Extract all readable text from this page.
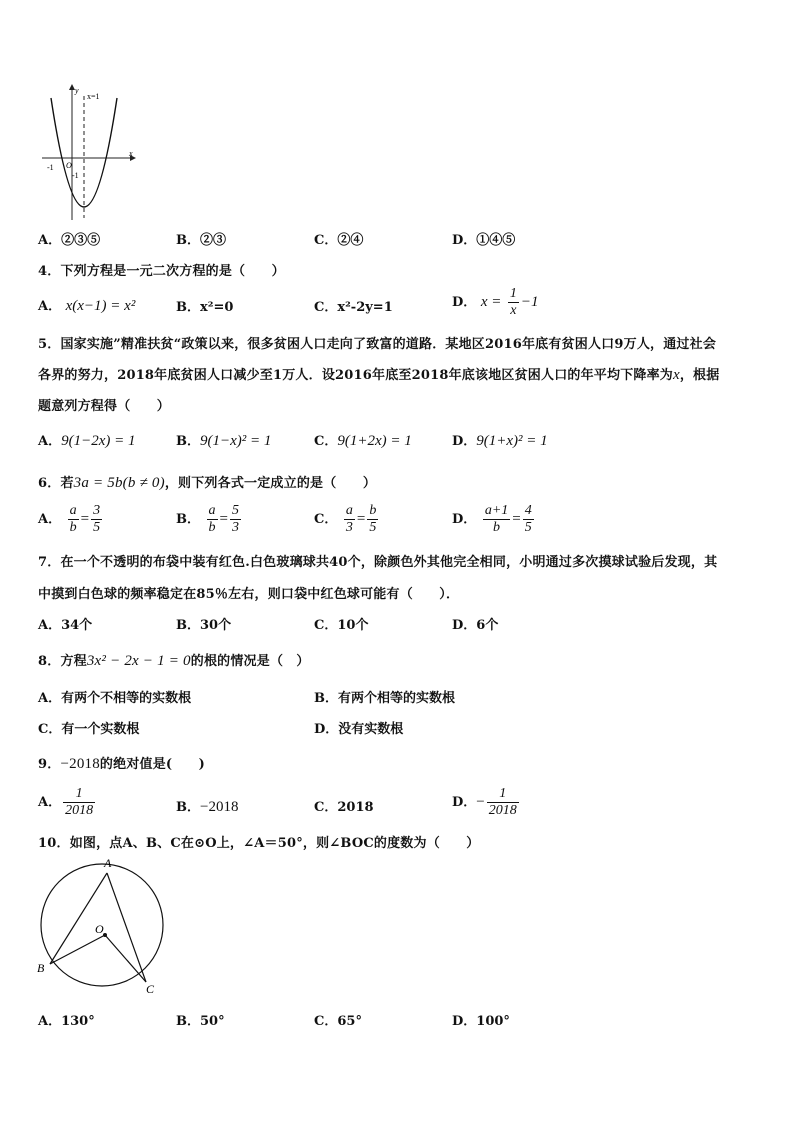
x
y
x=1
O
-1
-1
A．②③⑤	B．②③	C．②④	D．①④⑤
4．下列方程是一元二次方程的是（　　）
A． x(x−1) = x²	B．x²=0	C．x²-2y=1	D． $x = \frac{1}{x} -1$
5．国家实施”精准扶贫“政策以来，很多贫困人口走向了致富的道路．某地区2016年底有贫困人口9万人，通过社会
各界的努力，2018年底贫困人口减少至1万人．设2016年底至2018年底该地区贫困人口的年平均下降率为x，根据
题意列方程得（　　）
A．9(1−2x) = 1	B．9(1−x)² = 1	C．9(1+2x) = 1	D．9(1+x)² = 1
6．若3a = 5b(b ≠ 0)，则下列各式一定成立的是（　　）
A． $\frac{a}{b} = \frac{3}{5}$	B． $\frac{a}{b} = \frac{5}{3}$	C． $\frac{a}{3} = \frac{b}{5}$	D． $\frac{a+1}{b} = \frac{4}{5}$
7．在一个不透明的布袋中装有红色.白色玻璃球共40个，除颜色外其他完全相同，小明通过多次摸球试验后发现，其
中摸到白色球的频率稳定在85％左右，则口袋中红色球可能有（　　）．
A．34个	B．30个	C．10个	D．6个
8．方程3x² − 2x − 1 = 0的根的情况是（　）
A．有两个不相等的实数根	B．有两个相等的实数根
C．有一个实数根	D．没有实数根
9．−2018的绝对值是(　　)
A． $\frac{1}{2018}$	B．−2018	C．2018	D．− $\frac{1}{2018}$
10．如图，点A、B、C在⊙O上，∠A＝50°，则∠BOC的度数为（　　）
A
B
C
O
A．130°	B．50°	C．65°	D．100°
